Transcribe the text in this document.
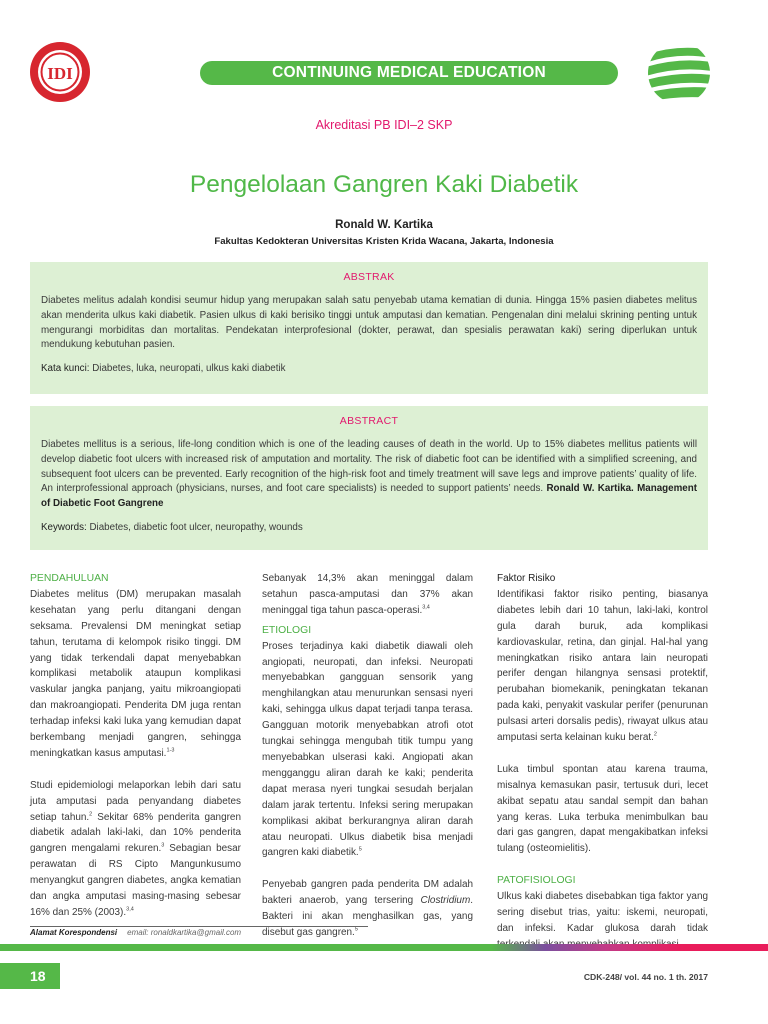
IDI	CONTINUING MEDICAL EDUCATION
Akreditasi PB IDI–2 SKP
Pengelolaan Gangren Kaki Diabetik
Ronald W. Kartika
Fakultas Kedokteran Universitas Kristen Krida Wacana, Jakarta, Indonesia
ABSTRAK

Diabetes melitus adalah kondisi seumur hidup yang merupakan salah satu penyebab utama kematian di dunia. Hingga 15% pasien diabetes melitus akan menderita ulkus kaki diabetik. Pasien ulkus di kaki berisiko tinggi untuk amputasi dan kematian. Pengenalan dini melalui skrining penting untuk mengurangi morbiditas dan mortalitas. Pendekatan interprofesional (dokter, perawat, dan spesialis perawatan kaki) sering diperlukan untuk mendukung kebutuhan pasien.

Kata kunci: Diabetes, luka, neuropati, ulkus kaki diabetik
ABSTRACT

Diabetes mellitus is a serious, life-long condition which is one of the leading causes of death in the world. Up to 15% diabetes mellitus patients will develop diabetic foot ulcers with increased risk of amputation and mortality. The risk of diabetic foot can be identified with a simplified screening, and subsequent foot ulcers can be prevented. Early recognition of the high-risk foot and timely treatment will save legs and improve patients’ quality of life. An interprofessional approach (physicians, nurses, and foot care specialists) is needed to support patients’ needs. Ronald W. Kartika. Management of Diabetic Foot Gangrene

Keywords: Diabetes, diabetic foot ulcer, neuropathy, wounds
PENDAHULUAN

Diabetes melitus (DM) merupakan masalah kesehatan yang perlu ditangani dengan seksama. Prevalensi DM meningkat setiap tahun, terutama di kelompok risiko tinggi. DM yang tidak terkendali dapat menyebabkan komplikasi metabolik ataupun komplikasi vaskular jangka panjang, yaitu mikroangiopati dan makroangiopati. Penderita DM juga rentan terhadap infeksi kaki luka yang kemudian dapat berkembang menjadi gangren, sehingga meningkatkan kasus amputasi.$^{1-3}$

Studi epidemiologi melaporkan lebih dari satu juta amputasi pada penyandang diabetes setiap tahun.$^2$ Sekitar 68% penderita gangren diabetik adalah laki-laki, dan 10% penderita gangren mengalami rekuren.$^3$ Sebagian besar perawatan di RS Cipto Mangunkusumo menyangkut gangren diabetes, angka kematian dan angka amputasi masing-masing sebesar 16% dan 25% (2003).$^{3,4}$

Sebanyak 14,3% akan meninggal dalam setahun pasca-amputasi dan 37% akan meninggal tiga tahun pasca-operasi.$^{3,4}$

ETIOLOGI

Proses terjadinya kaki diabetik diawali oleh angiopati, neuropati, dan infeksi. Neuropati menyebabkan gangguan sensorik yang menghilangkan atau menurunkan sensasi nyeri kaki, sehingga ulkus dapat terjadi tanpa terasa. Gangguan motorik menyebabkan atrofi otot tungkai sehingga mengubah titik tumpu yang menyebabkan ulserasi kaki. Angiopati akan mengganggu aliran darah ke kaki; penderita dapat merasa nyeri tungkai sesudah berjalan dalam jarak tertentu. Infeksi sering merupakan komplikasi akibat berkurangnya aliran darah atau neuropati. Ulkus diabetik bisa menjadi gangren kaki diabetik.$^5$

Penyebab gangren pada penderita DM adalah bakteri anaerob, yang tersering Clostridium. Bakteri ini akan menghasilkan gas, yang disebut gas gangren.$^5$

Faktor Risiko

Identifikasi faktor risiko penting, biasanya diabetes lebih dari 10 tahun, laki-laki, kontrol gula darah buruk, ada komplikasi kardiovaskular, retina, dan ginjal. Hal-hal yang meningkatkan risiko antara lain neuropati perifer dengan hilangnya sensasi protektif, perubahan biomekanik, peningkatan tekanan pada kaki, penyakit vaskular perifer (penurunan pulsasi arteri dorsalis pedis), riwayat ulkus atau amputasi serta kelainan kuku berat.$^2$

Luka timbul spontan atau karena trauma, misalnya kemasukan pasir, tertusuk duri, lecet akibat sepatu atau sandal sempit dan bahan yang keras. Luka terbuka menimbulkan bau dari gas gangren, dapat mengakibatkan infeksi tulang (osteomielitis).

PATOFISIOLOGI

Ulkus kaki diabetes disebabkan tiga faktor yang sering disebut trias, yaitu: iskemi, neuropati, dan infeksi. Kadar glukosa darah tidak

Alamat Korespondensi email: ronaldkartika@gmail.com
18	CDK-248/ vol. 44 no. 1 th. 2017
